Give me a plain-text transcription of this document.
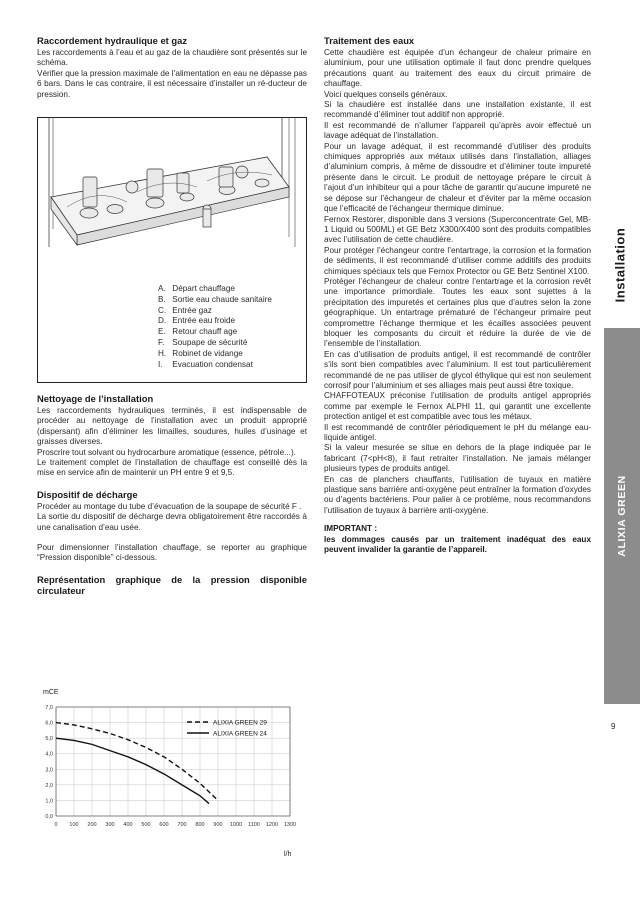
Raccordement hydraulique et gaz

Les raccordements à l’eau et au gaz de la chaudière sont présentés sur le schéma.

Vérifier que la pression maximale de l’alimentation en eau ne dépasse pas 6 bars. Dans le cas contraire, il est nécessaire d’installer un ré-ducteur de pression.

A. Départ chauffage
B. Sortie eau chaude sanitaire
C. Entrée gaz
D. Entrée eau froide
E. Retour chauff age
F. Soupape de sécurité
H. Robinet de vidange
I. Evacuation condensat
Nettoyage de l’installation

Les raccordements hydrauliques terminés, il est indispensable de procéder au nettoyage de l’installation avec un produit approprié (dispersant) afin d’éliminer les limailles, soudures, huiles d’usinage et graisses diverses.

Proscrire tout solvant ou hydrocarbure aromatique (essence, pétrole...).

Le traitement complet de l’installation de chauffage est conseillé dès la mise en service afin de maintenir un PH entre 9 et 9,5.

Dispositif de décharge

Procéder au montage du tube d’évacuation de la soupape de sécurité F .

La sortie du dispositif de décharge devra obligatoirement être raccordés à une canalisation d’eau usée.

Pour dimensionner l’installation chauffage, se reporter au graphique “Pression disponible” ci-dessous.

Représentation graphique de la pression disponible circulateur
mCE
0,0
1,0
2,0
3,0
4,0
5,0
6,0
7,0
0 100 200 300 400 500 600 700 800 900 1000 1100 1200 1300
ALIXIA GREEN 29
ALIXIA GREEN 24
l/h
Traitement des eaux

Cette chaudière est équipée d’un échangeur de chaleur primaire en aluminium, pour une utilisation optimale il faut donc prendre quelques précautions quant au traitement des eaux du circuit primaire de chauffage.

Voici quelques conseils généraux.

Si la chaudière est installée dans une installation existante, il est recommandé d’éliminer tout additif non approprié.

Il est recommandé de n’allumer l’appareil qu’après avoir effectué un lavage adéquat de l’installation.

Pour un lavage adéquat, il est recommandé d’utiliser des produits chimiques appropriés aux métaux utilisés dans l’installation, alliages d’aluminium compris, à même de dissoudre et d’éliminer toute impureté présente dans le circuit. Le produit de nettoyage prépare le circuit à l’ajout d’un inhibiteur qui a pour tâche de garantir qu’aucune impureté ne se dépose sur l’échangeur de chaleur et d’éviter par la même occasion que l’efficacité de l’échangeur thermique diminue.

Fernox Restorer, disponible dans 3 versions (Superconcentrate Gel, MB-1 Liquid ou 500ML) et GE Betz X300/X400 sont des produits compatibles avec l’utilisation de cette chaudière.

Pour protéger l’échangeur contre l’entartrage, la corrosion et la formation de sédiments, il est recommandé d’utiliser comme additifs des produits chimiques spéciaux tels que Fernox Protector ou GE Betz Sentinel X100.

Protéger l’échangeur de chaleur contre l’entartrage et la corrosion revêt une importance primordiale. Toutes les eaux sont sujettes à la précipitation des impuretés et certaines plus que d’autres selon la zone géographique. Un entartrage prématuré de l’échangeur primaire peut compromettre l’échange thermique et les écailles associées peuvent bloquer les composants du circuit et réduire la durée de vie de l’ensemble de l’installation.

En cas d’utilisation de produits antigel, il est recommandé de contrôler s’ils sont bien compatibles avec l’aluminium. Il est tout particulièrement recommandé de ne pas utiliser de glycol éthylique qui est non seulement corrosif pour l’aluminium et ses alliages mais peut aussi être toxique.

CHAFFOTEAUX préconise l’utilisation de produits antigel appropriés comme par exemple le Fernox ALPHI 11, qui garantit une excellente protection antigel et est compatible avec tous les métaux.

Il est recommandé de contrôler périodiquement le pH du mélange eau-liquide antigel.

Si la valeur mesurée se situe en dehors de la plage indiquée par le fabricant (7<pH<8), il faut retraiter l’installation. Ne jamais mélanger plusieurs types de produits antigel.

En cas de planchers chauffants, l’utilisation de tuyaux en matière plastique sans barrière anti-oxygène peut entraîner la formation d’oxydes ou d’agents bactériens. Pour palier à ce problème, nous recommandons l’utilisation de tuyaux à barrière anti-oxygène.

IMPORTANT :

les dommages causés par un traitement inadéquat des eaux peuvent invalider la garantie de l’appareil.

Installation
ALIXIA GREEN
9
